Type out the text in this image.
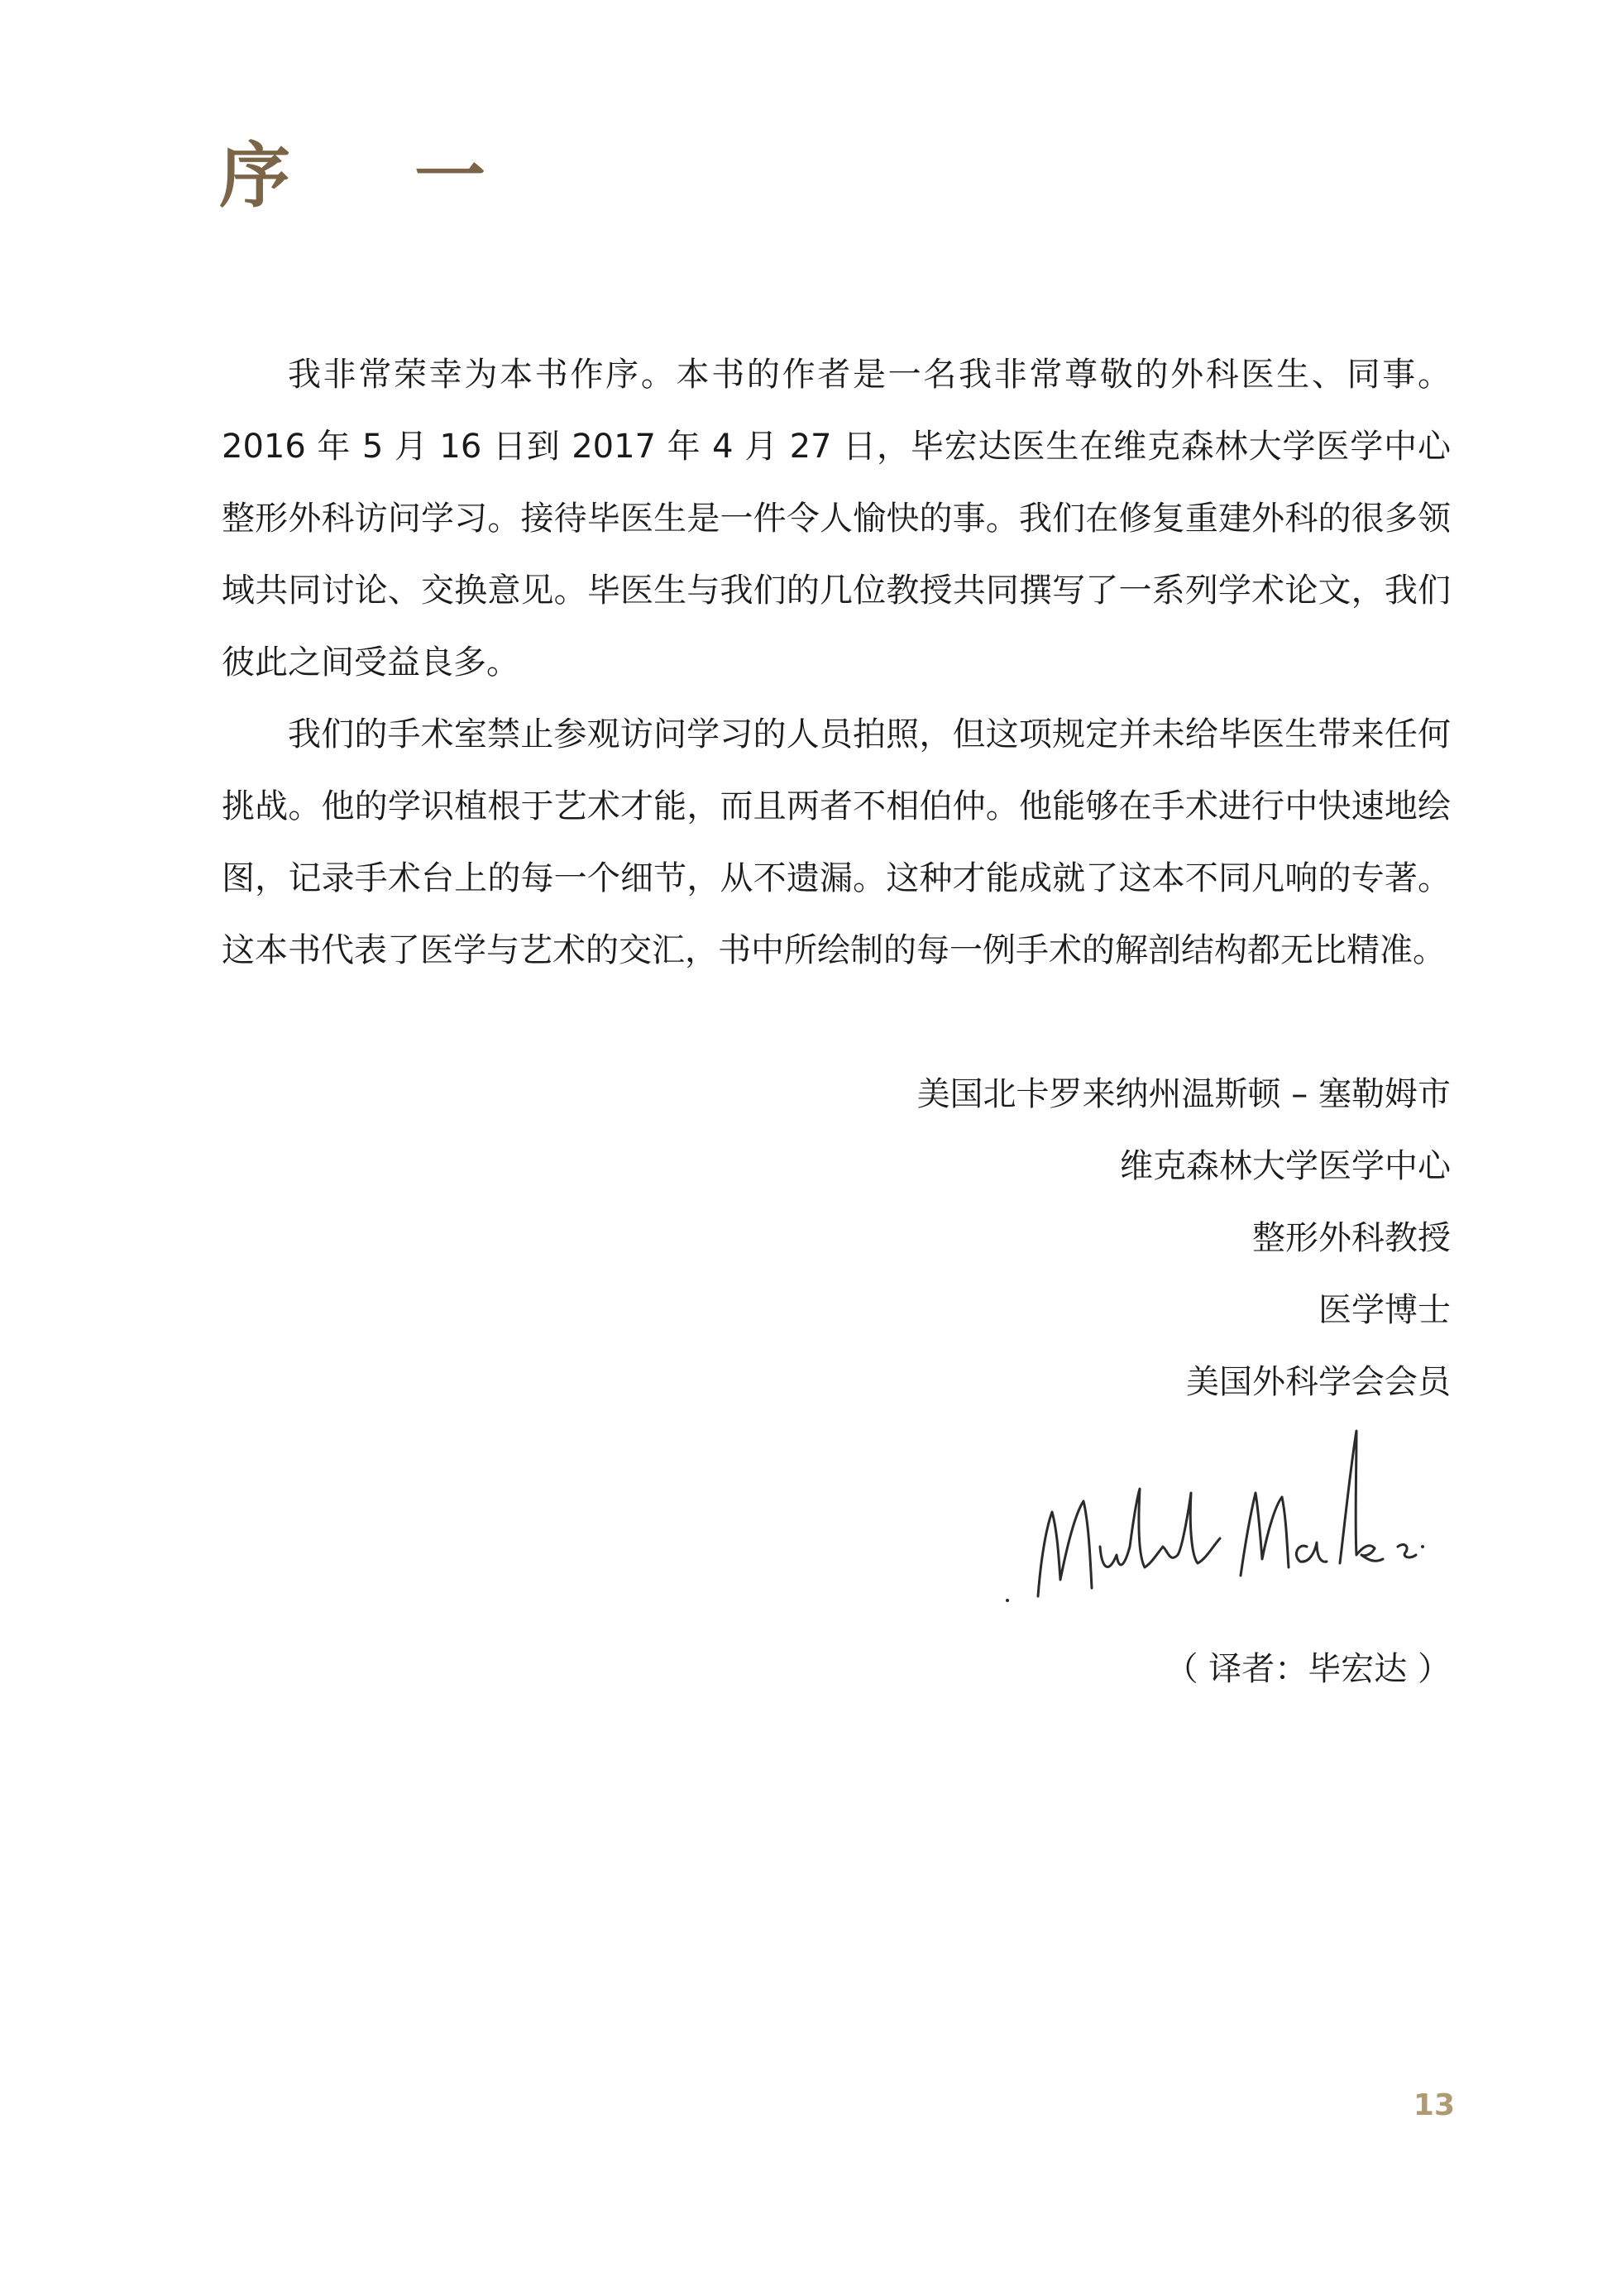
序 一

我非常荣幸为本书作序。本书的作者是一名我非常尊敬的外科医生、同事。2016 年 5 月 16 日到 2017 年 4 月 27 日，毕宏达医生在维克森林大学医学中心整形外科访问学习。接待毕医生是一件令人愉快的事。我们在修复重建外科的很多领域共同讨论、交换意见。毕医生与我们的几位教授共同撰写了一系列学术论文，我们彼此之间受益良多。

我们的手术室禁止参观访问学习的人员拍照，但这项规定并未给毕医生带来任何挑战。他的学识植根于艺术才能，而且两者不相伯仲。他能够在手术进行中快速地绘图，记录手术台上的每一个细节，从不遗漏。这种才能成就了这本不同凡响的专著。这本书代表了医学与艺术的交汇，书中所绘制的每一例手术的解剖结构都无比精准。

美国北卡罗来纳州温斯顿 – 塞勒姆市
维克森林大学医学中心
整形外科教授
医学博士
美国外科学会会员
（ 译者：毕宏达 ）
13
